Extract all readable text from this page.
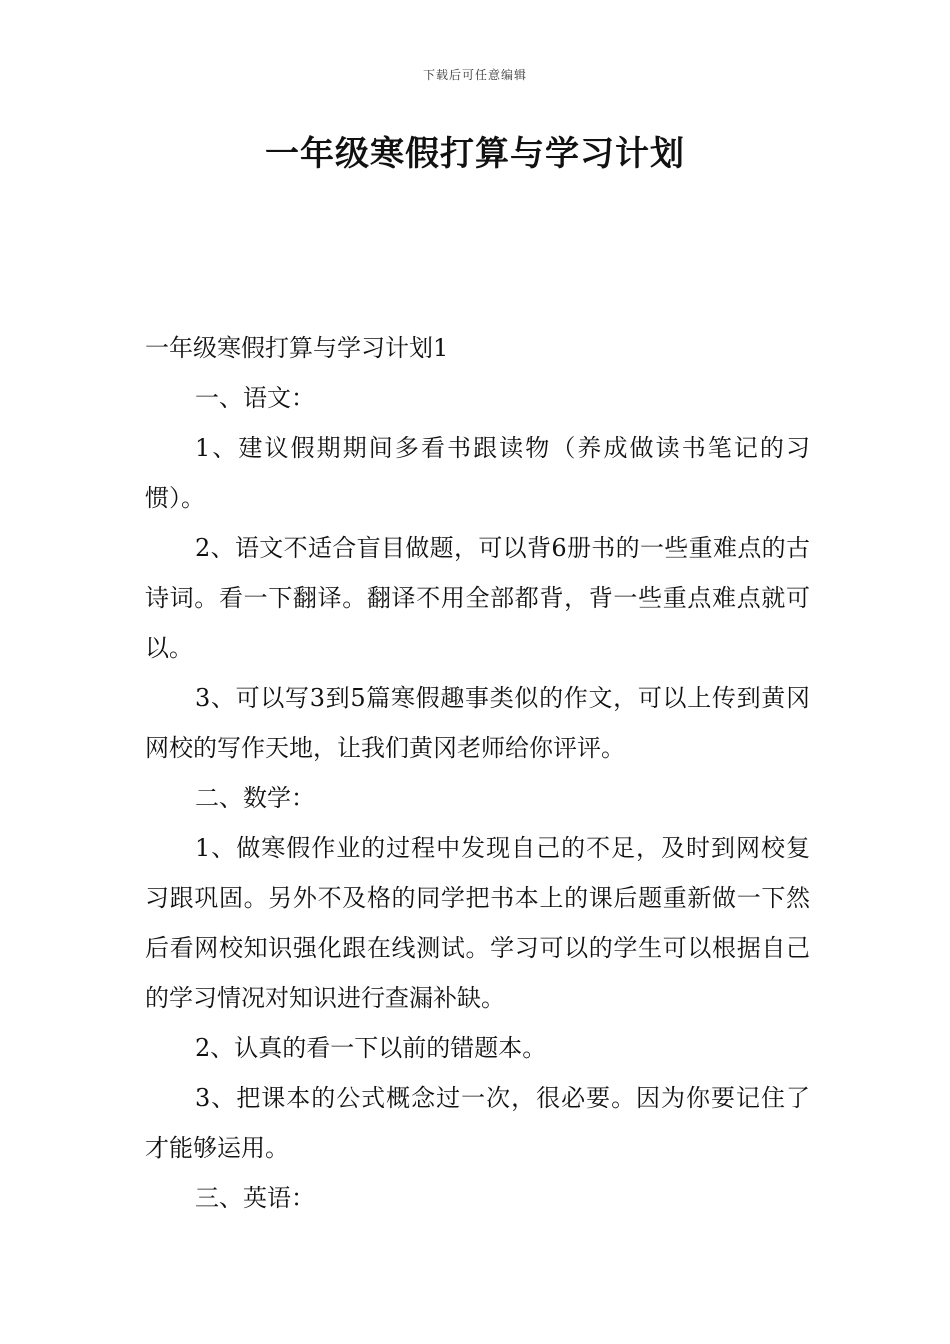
下载后可任意编辑
一年级寒假打算与学习计划

一年级寒假打算与学习计划1

一、语文：

1、建议假期期间多看书跟读物（养成做读书笔记的习惯）。

2、语文不适合盲目做题，可以背6册书的一些重难点的古诗词。看一下翻译。翻译不用全部都背，背一些重点难点就可以。

3、可以写3到5篇寒假趣事类似的作文，可以上传到黄冈网校的写作天地，让我们黄冈老师给你评评。

二、数学：

1、做寒假作业的过程中发现自己的不足，及时到网校复习跟巩固。另外不及格的同学把书本上的课后题重新做一下然后看网校知识强化跟在线测试。学习可以的学生可以根据自己的学习情况对知识进行查漏补缺。

2、认真的看一下以前的错题本。

3、把课本的公式概念过一次，很必要。因为你要记住了才能够运用。

三、英语：
